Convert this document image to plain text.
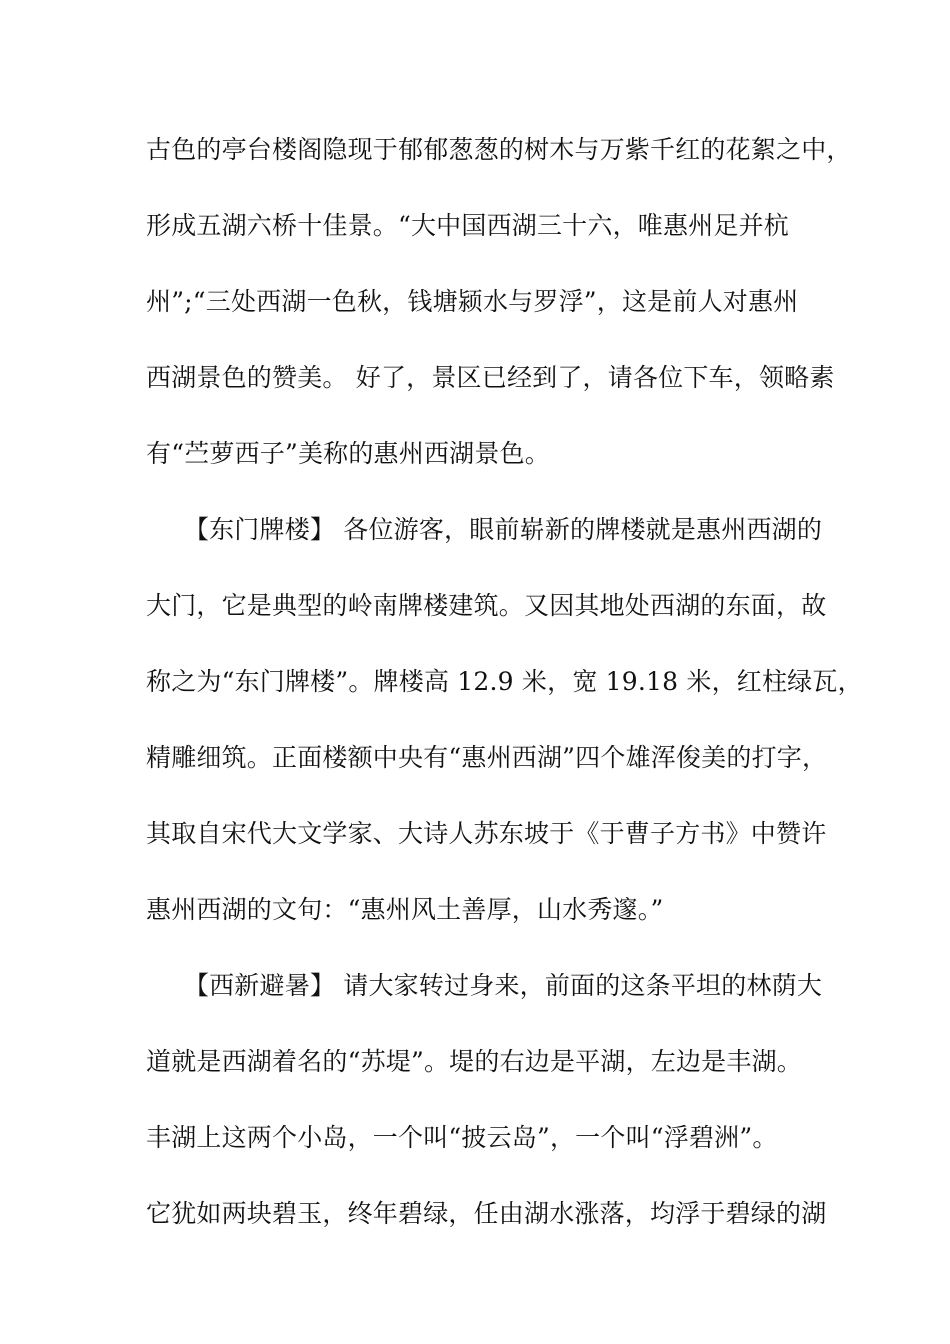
古色的亭台楼阁隐现于郁郁葱葱的树木与万紫千红的花絮之中，
形成五湖六桥十佳景。“大中国西湖三十六，唯惠州足并杭
州”;“三处西湖一色秋，钱塘颍水与罗浮”，这是前人对惠州
西湖景色的赞美。 好了，景区已经到了，请各位下车，领略素
有“苎萝西子”美称的惠州西湖景色。
　　【东门牌楼】 各位游客，眼前崭新的牌楼就是惠州西湖的
大门，它是典型的岭南牌楼建筑。又因其地处西湖的东面，故
称之为“东门牌楼”。牌楼高 12.9 米，宽 19.18 米，红柱绿瓦，
精雕细筑。正面楼额中央有“惠州西湖”四个雄浑俊美的打字，
其取自宋代大文学家、大诗人苏东坡于《于曹子方书》中赞许
惠州西湖的文句：“惠州风土善厚，山水秀邃。”
　　【西新避暑】 请大家转过身来，前面的这条平坦的林荫大
道就是西湖着名的“苏堤”。堤的右边是平湖，左边是丰湖。
丰湖上这两个小岛，一个叫“披云岛”，一个叫“浮碧洲”。
它犹如两块碧玉，终年碧绿，任由湖水涨落，均浮于碧绿的湖
